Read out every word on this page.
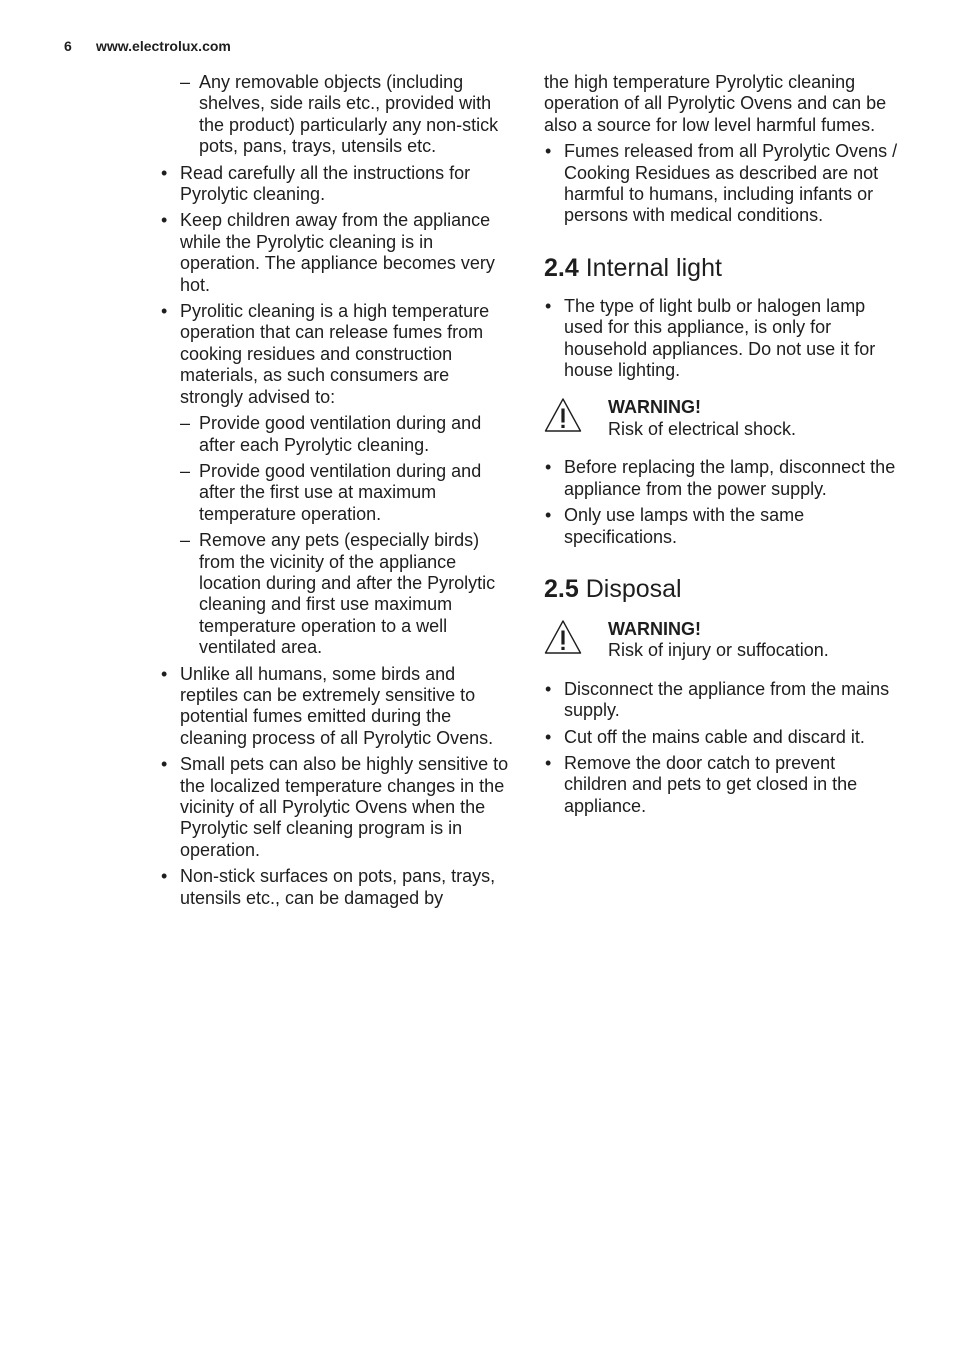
6 www.electrolux.com
– Any removable objects (including shelves, side rails etc., provided with the product) particularly any non-stick pots, pans, trays, utensils etc.
• Read carefully all the instructions for Pyrolytic cleaning.
• Keep children away from the appliance while the Pyrolytic cleaning is in operation. The appliance becomes very hot.
• Pyrolitic cleaning is a high temperature operation that can release fumes from cooking residues and construction materials, as such consumers are strongly advised to:
– Provide good ventilation during and after each Pyrolytic cleaning.
– Provide good ventilation during and after the first use at maximum temperature operation.
– Remove any pets (especially birds) from the vicinity of the appliance location during and after the Pyrolytic cleaning and first use maximum temperature operation to a well ventilated area.
• Unlike all humans, some birds and reptiles can be extremely sensitive to potential fumes emitted during the cleaning process of all Pyrolytic Ovens.
• Small pets can also be highly sensitive to the localized temperature changes in the vicinity of all Pyrolytic Ovens when the Pyrolytic self cleaning program is in operation.
• Non-stick surfaces on pots, pans, trays, utensils etc., can be damaged by
the high temperature Pyrolytic cleaning operation of all Pyrolytic Ovens and can be also a source for low level harmful fumes.
• Fumes released from all Pyrolytic Ovens / Cooking Residues as described are not harmful to humans, including infants or persons with medical conditions.
2.4 Internal light
• The type of light bulb or halogen lamp used for this appliance, is only for household appliances. Do not use it for house lighting.
WARNING!
Risk of electrical shock.
• Before replacing the lamp, disconnect the appliance from the power supply.
• Only use lamps with the same specifications.
2.5 Disposal
WARNING!
Risk of injury or suffocation.
• Disconnect the appliance from the mains supply.
• Cut off the mains cable and discard it.
• Remove the door catch to prevent children and pets to get closed in the appliance.
